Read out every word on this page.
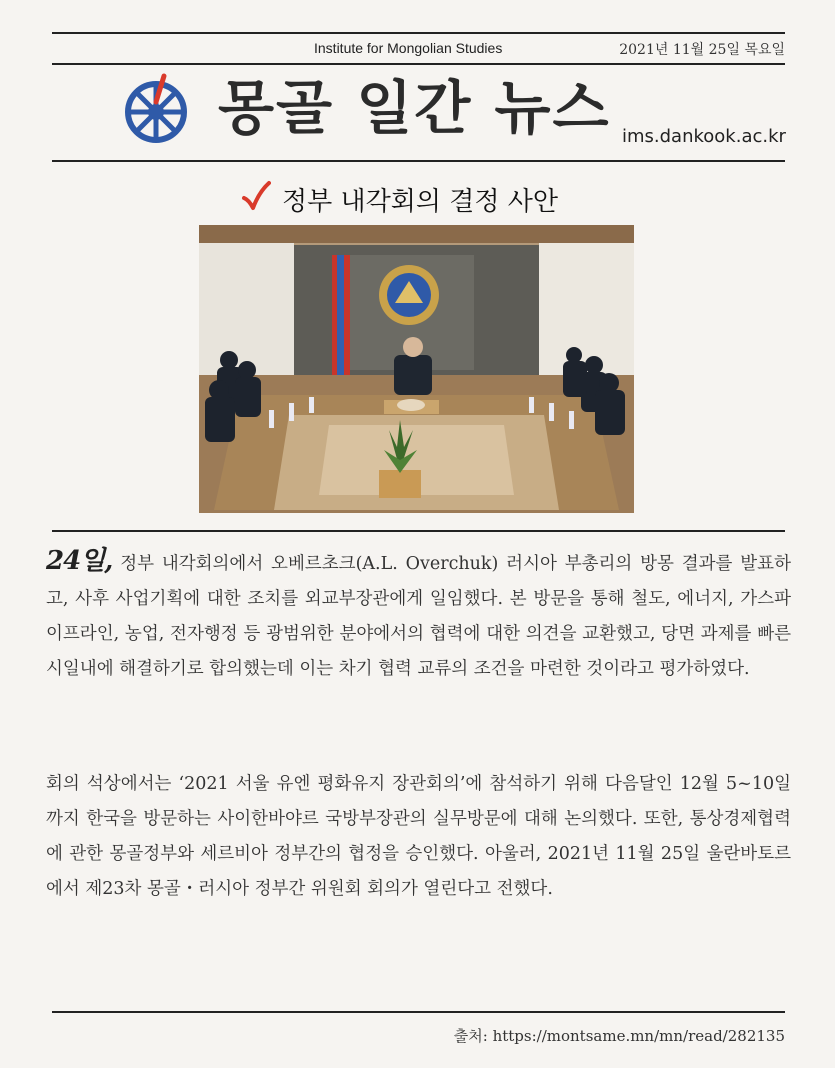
Institute for Mongolian Studies	2021년 11월 25일 목요일
몽골 일간 뉴스 ims.dankook.ac.kr
정부 내각회의 결정 사안
24일, 정부 내각회의에서 오베르초크(A.L. Overchuk) 러시아 부총리의 방몽 결과를 발표하고, 사후 사업기획에 대한 조치를 외교부장관에게 일임했다. 본 방문을 통해 철도, 에너지, 가스파이프라인, 농업, 전자행정 등 광범위한 분야에서의 협력에 대한 의견을 교환했고, 당면 과제를 빠른 시일내에 해결하기로 합의했는데 이는 차기 협력 교류의 조건을 마련한 것이라고 평가하였다.
회의 석상에서는 ‘2021 서울 유엔 평화유지 장관회의’에 참석하기 위해 다음달인 12월 5~10일까지 한국을 방문하는 사이한바야르 국방부장관의 실무방문에 대해 논의했다. 또한, 통상경제협력에 관한 몽골정부와 세르비아 정부간의 협정을 승인했다. 아울러, 2021년 11월 25일 울란바토르에서 제23차 몽골・러시아 정부간 위원회 회의가 열린다고 전했다.
출처: https://montsame.mn/mn/read/282135
